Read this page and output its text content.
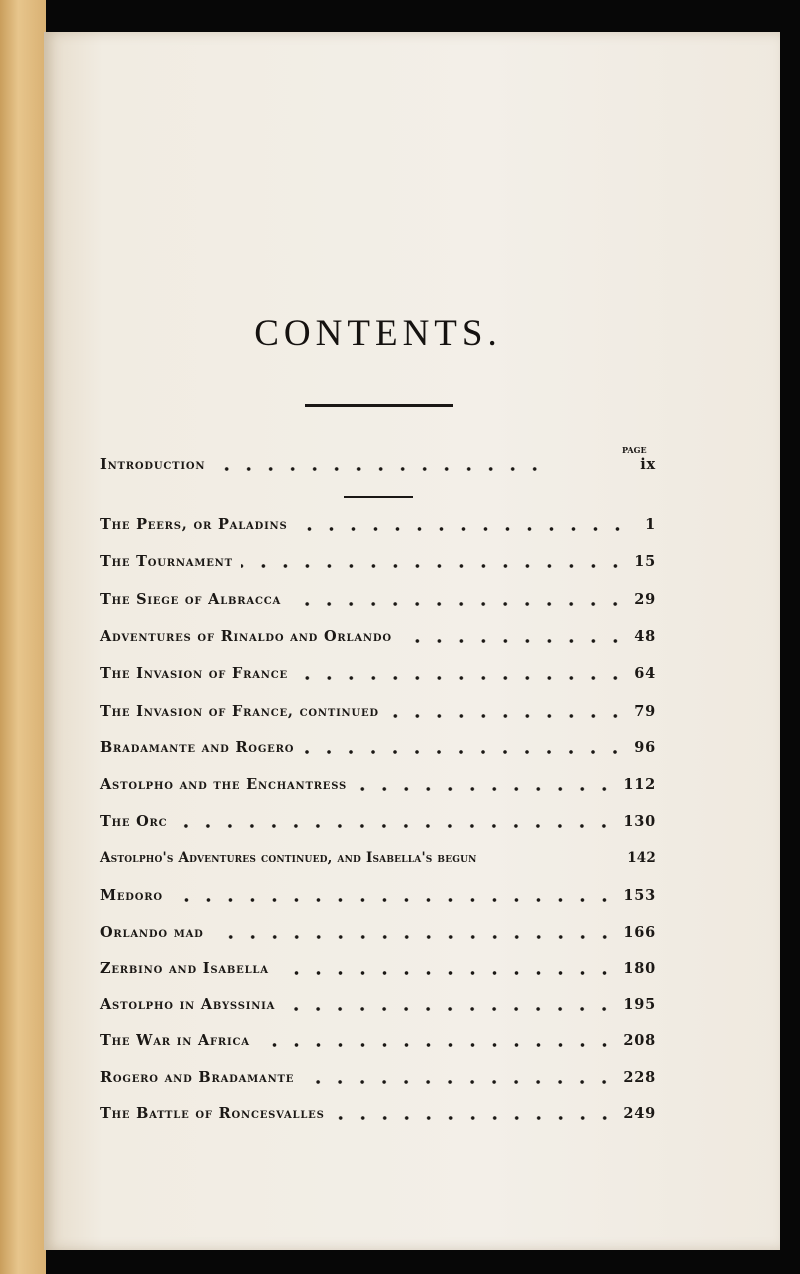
CONTENTS.
PAGE
Introduction	ix
The Peers, or Paladins	1
The Tournament	15
The Siege of Albracca	29
Adventures of Rinaldo and Orlando	48
The Invasion of France	64
The Invasion of France, continued	79
Bradamante and Rogero	96
Astolpho and the Enchantress	112
The Orc	130
Astolpho's Adventures continued, and Isabella's begun	142
Medoro	153
Orlando mad	166
Zerbino and Isabella	180
Astolpho in Abyssinia	195
The War in Africa	208
Rogero and Bradamante	228
The Battle of Roncesvalles	249
